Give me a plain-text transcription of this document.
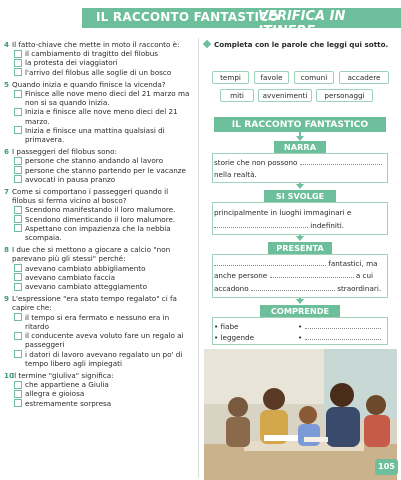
IL RACCONTO FANTASTICO
VERIFICA IN ITINERE
4 Il fatto-chiave che mette in moto il racconto è:
il cambiamento di tragitto del filobus
la protesta dei viaggiatori
l'arrivo del filobus alle soglie di un bosco
5 Quando inizia e quando finisce la vicenda?
Finisce alle nove meno dieci del 21 marzo ma non si sa quando inizia.
Inizia e finisce alle nove meno dieci del 21 marzo.
Inizia e finisce una mattina qualsiasi di primavera.
6 I passeggeri del filobus sono:
persone che stanno andando al lavoro
persone che stanno partendo per le vacanze
avvocati in pausa pranzo
7 Come si comportano i passeggeri quando il filobus si ferma vicino al bosco?
Scendono manifestando il loro malumore.
Scendono dimenticando il loro malumore.
Aspettano con impazienza che la nebbia scompaia.
8 I due che si mettono a giocare a calcio "non parevano più gli stessi" perché:
avevano cambiato abbigliamento
avevano cambiato faccia
avevano cambiato atteggiamento
9 L'espressione "era stato tempo regalato" ci fa capire che:
il tempo si era fermato e nessuno era in ritardo
il conducente aveva voluto fare un regalo ai passeggeri
i datori di lavoro avevano regalato un po' di tempo libero agli impiegati
10
Il termine "giuliva" significa:
che appartiene a Giulia
allegra e gioiosa
estremamente sorpresa
Completa con le parole che leggi qui sotto.
tempi	favole	comuni	accadere
miti	avvenimenti	personaggi
IL RACCONTO FANTASTICO
NARRA
storie che non possono
nella realtà.
SI SVOLGE
principalmente in luoghi immaginari e
indefiniti.
PRESENTA
fantastici, ma
anche persone	a cui
accadono	straordinari.
COMPRENDE
• fiabe
• leggende
•
•
105
